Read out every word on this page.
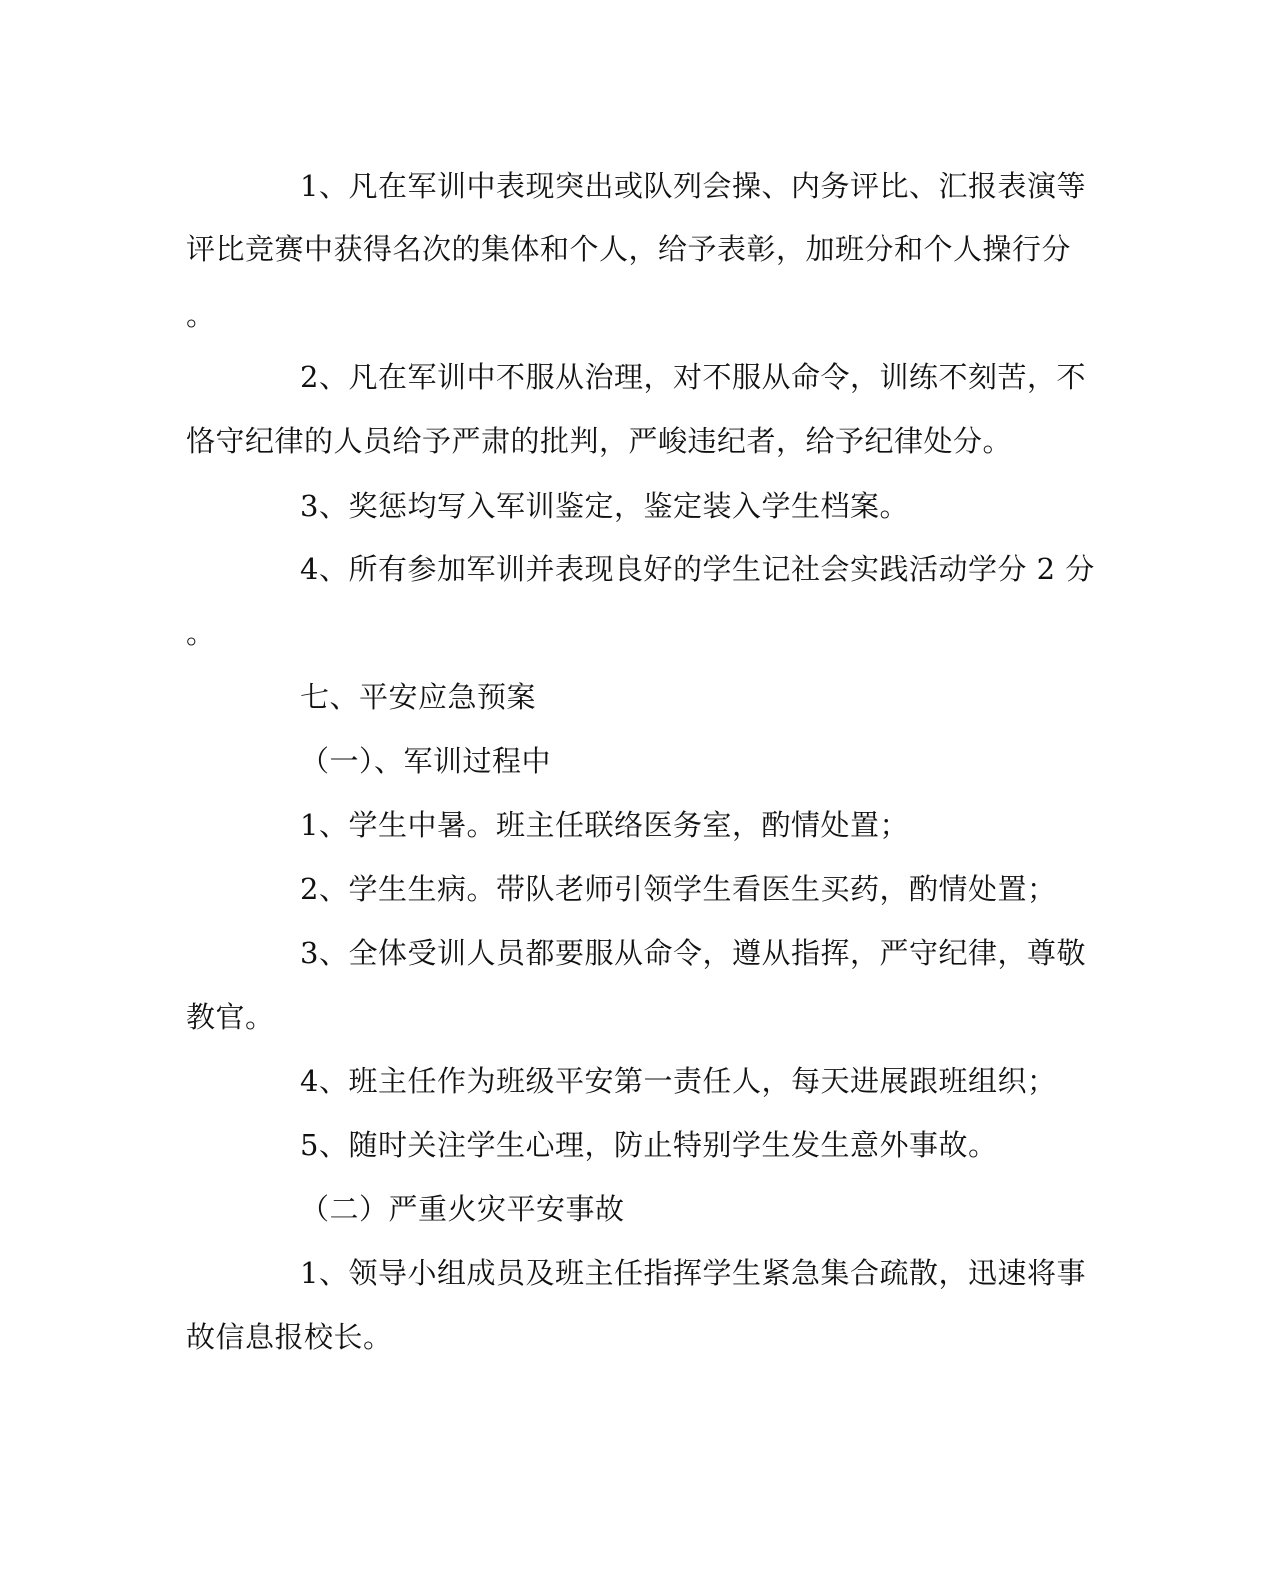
1、凡在军训中表现突出或队列会操、内务评比、汇报表演等
评比竞赛中获得名次的集体和个人，给予表彰，加班分和个人操行分
。
2、凡在军训中不服从治理，对不服从命令，训练不刻苦，不
恪守纪律的人员给予严肃的批判，严峻违纪者，给予纪律处分。
3、奖惩均写入军训鉴定，鉴定装入学生档案。
4、所有参加军训并表现良好的学生记社会实践活动学分 2 分
。
七、平安应急预案
（一）、军训过程中
1、学生中暑。班主任联络医务室，酌情处置；
2、学生生病。带队老师引领学生看医生买药，酌情处置；
3、全体受训人员都要服从命令，遵从指挥，严守纪律，尊敬
教官。
4、班主任作为班级平安第一责任人，每天进展跟班组织；
5、随时关注学生心理，防止特别学生发生意外事故。
（二）严重火灾平安事故
1、领导小组成员及班主任指挥学生紧急集合疏散，迅速将事
故信息报校长。
